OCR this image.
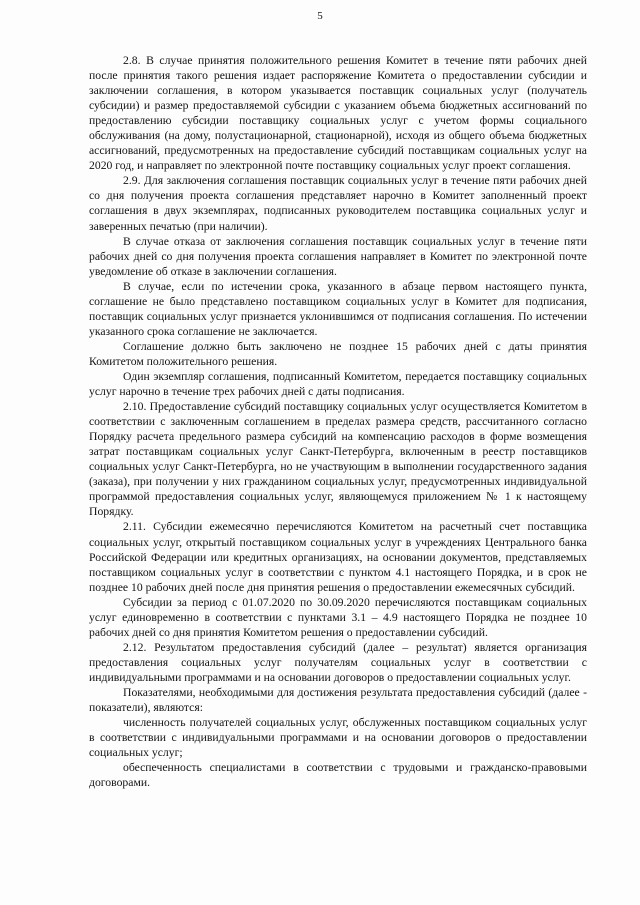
5

2.8. В случае принятия положительного решения Комитет в течение пяти рабочих дней после принятия такого решения издает распоряжение Комитета о предоставлении субсидии и заключении соглашения, в котором указывается поставщик социальных услуг (получатель субсидии) и размер предоставляемой субсидии с указанием объема бюджетных ассигнований по предоставлению субсидии поставщику социальных услуг с учетом формы социального обслуживания (на дому, полустационарной, стационарной), исходя из общего объема бюджетных ассигнований, предусмотренных на предоставление субсидий поставщикам социальных услуг на 2020 год, и направляет по электронной почте поставщику социальных услуг проект соглашения.

2.9. Для заключения соглашения поставщик социальных услуг в течение пяти рабочих дней со дня получения проекта соглашения представляет нарочно в Комитет заполненный проект соглашения в двух экземплярах, подписанных руководителем поставщика социальных услуг и заверенных печатью (при наличии).

В случае отказа от заключения соглашения поставщик социальных услуг в течение пяти рабочих дней со дня получения проекта соглашения направляет в Комитет по электронной почте уведомление об отказе в заключении соглашения.

В случае, если по истечении срока, указанного в абзаце первом настоящего пункта, соглашение не было представлено поставщиком социальных услуг в Комитет для подписания, поставщик социальных услуг признается уклонившимся от подписания соглашения. По истечении указанного срока соглашение не заключается.

Соглашение должно быть заключено не позднее 15 рабочих дней с даты принятия Комитетом положительного решения.

Один экземпляр соглашения, подписанный Комитетом, передается поставщику социальных услуг нарочно в течение трех рабочих дней с даты подписания.

2.10. Предоставление субсидий поставщику социальных услуг осуществляется Комитетом в соответствии с заключенным соглашением в пределах размера средств, рассчитанного согласно Порядку расчета предельного размера субсидий на компенсацию расходов в форме возмещения затрат поставщикам социальных услуг Санкт-Петербурга, включенным в реестр поставщиков социальных услуг Санкт-Петербурга, но не участвующим в выполнении государственного задания (заказа), при получении у них гражданином социальных услуг, предусмотренных индивидуальной программой предоставления социальных услуг, являющемуся приложением № 1 к настоящему Порядку.

2.11. Субсидии ежемесячно перечисляются Комитетом на расчетный счет поставщика социальных услуг, открытый поставщиком социальных услуг в учреждениях Центрального банка Российской Федерации или кредитных организациях, на основании документов, представляемых поставщиком социальных услуг в соответствии с пунктом 4.1 настоящего Порядка, и в срок не позднее 10 рабочих дней после дня принятия решения о предоставлении ежемесячных субсидий.

Субсидии за период с 01.07.2020 по 30.09.2020 перечисляются поставщикам социальных услуг единовременно в соответствии с пунктами 3.1 – 4.9 настоящего Порядка не позднее 10 рабочих дней со дня принятия Комитетом решения о предоставлении субсидий.

2.12. Результатом предоставления субсидий (далее – результат) является организация предоставления социальных услуг получателям социальных услуг в соответствии с индивидуальными программами и на основании договоров о предоставлении социальных услуг.

Показателями, необходимыми для достижения результата предоставления субсидий (далее - показатели), являются:

численность получателей социальных услуг, обслуженных поставщиком социальных услуг в соответствии с индивидуальными программами и на основании договоров о предоставлении социальных услуг;

обеспеченность специалистами в соответствии с трудовыми и гражданско-правовыми договорами.
